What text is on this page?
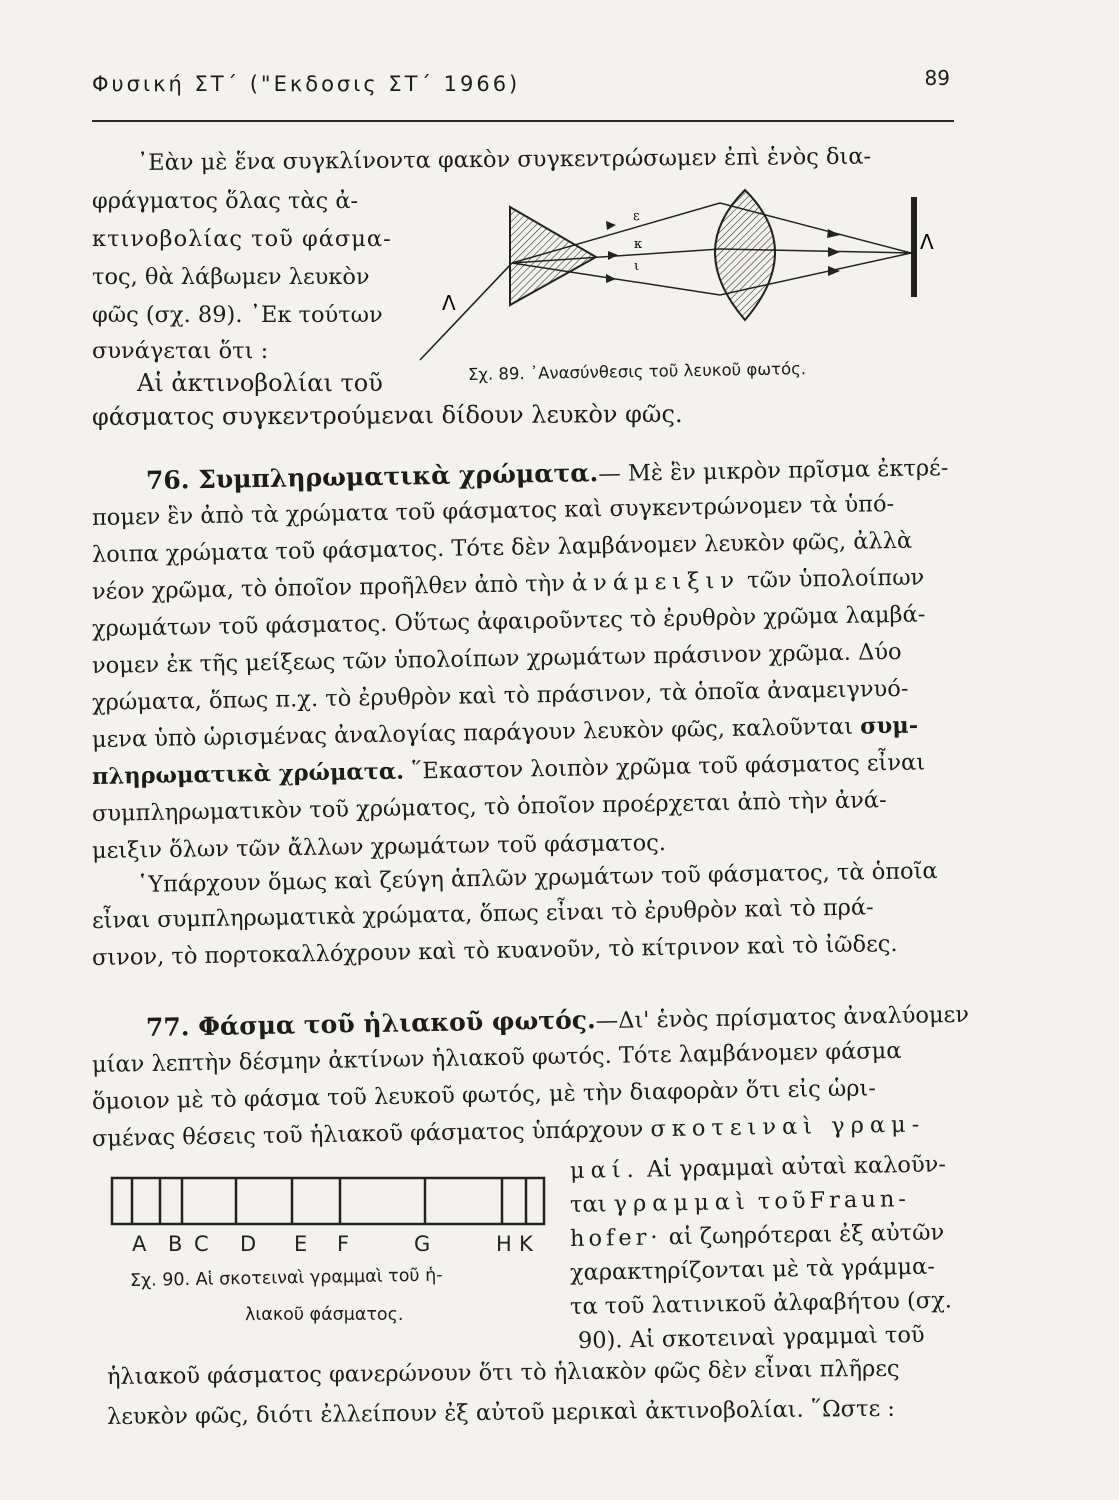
Φυσική ΣΤ΄ ("Εκδοσις ΣΤ΄ 1966)	89
᾿Εὰν μὲ ἕνα συγκλίνοντα φακὸν συγκεντρώσωμεν ἐπὶ ἑνὸς δια-
φράγματος ὅλας τὰς ἀ-
κτινοβολίας τοῦ φάσμα-
τος, θὰ λάβωμεν λευκὸν
φῶς (σχ. 89). ᾿Εκ τούτων
συνάγεται ὅτι :
Αἱ ἀκτινοβολίαι τοῦ
φάσματος συγκεντρούμεναι δίδουν λευκὸν φῶς.
ε
κ
ι
Λ
Λ
Σχ. 89. ᾿Ανασύνθεσις τοῦ λευκοῦ φωτός.
76. Συμπληρωματικὰ χρώματα.— Μὲ ἓν μικρὸν πρῖσμα ἐκτρέ-
πομεν ἓν ἀπὸ τὰ χρώματα τοῦ φάσματος καὶ συγκεντρώνομεν τὰ ὑπό-
λοιπα χρώματα τοῦ φάσματος. Τότε δὲν λαμβάνομεν λευκὸν φῶς, ἀλλὰ
νέον χρῶμα, τὸ ὁποῖον προῆλθεν ἀπὸ τὴν ἀνάμειξιν τῶν ὑπολοίπων
χρωμάτων τοῦ φάσματος. Οὕτως ἀφαιροῦντες τὸ ἐρυθρὸν χρῶμα λαμβά-
νομεν ἐκ τῆς μείξεως τῶν ὑπολοίπων χρωμάτων πράσινον χρῶμα. Δύο
χρώματα, ὅπως π.χ. τὸ ἐρυθρὸν καὶ τὸ πράσινον, τὰ ὁποῖα ἀναμειγνυό-
μενα ὑπὸ ὡρισμένας ἀναλογίας παράγουν λευκὸν φῶς, καλοῦνται συμ-
πληρωματικὰ χρώματα. ῞Εκαστον λοιπὸν χρῶμα τοῦ φάσματος εἶναι
συμπληρωματικὸν τοῦ χρώματος, τὸ ὁποῖον προέρχεται ἀπὸ τὴν ἀνά-
μειξιν ὅλων τῶν ἄλλων χρωμάτων τοῦ φάσματος.
῾Υπάρχουν ὅμως καὶ ζεύγη ἁπλῶν χρωμάτων τοῦ φάσματος, τὰ ὁποῖα
εἶναι συμπληρωματικὰ χρώματα, ὅπως εἶναι τὸ ἐρυθρὸν καὶ τὸ πρά-
σινον, τὸ πορτοκαλλόχρουν καὶ τὸ κυανοῦν, τὸ κίτρινον καὶ τὸ ἰῶδες.
77. Φάσμα τοῦ ἡλιακοῦ φωτός.—Δι' ἑνὸς πρίσματος ἀναλύομεν
μίαν λεπτὴν δέσμην ἀκτίνων ἡλιακοῦ φωτός. Τότε λαμβάνομεν φάσμα
ὅμοιον μὲ τὸ φάσμα τοῦ λευκοῦ φωτός, μὲ τὴν διαφορὰν ὅτι εἰς ὡρι-
σμένας θέσεις τοῦ ἡλιακοῦ φάσματος ὑπάρχουν σκοτειναὶ γραμ-
μαί. Αἱ γραμμαὶ αὐταὶ καλοῦν-
ται γραμμαὶ τοῦFraun-
hofer· αἱ ζωηρότεραι ἐξ αὐτῶν
χαρακτηρίζονται μὲ τὰ γράμμα-
τα τοῦ λατινικοῦ ἀλφαβήτου (σχ.
90). Αἱ σκοτειναὶ γραμμαὶ τοῦ
ἡλιακοῦ φάσματος φανερώνουν ὅτι τὸ ἡλιακὸν φῶς δὲν εἶναι πλῆρες
λευκὸν φῶς, διότι ἐλλείπουν ἐξ αὐτοῦ μερικαὶ ἀκτινοβολίαι. ῞Ωστε :
A B C D E F	G	H K
Σχ. 90. Αἱ σκοτειναὶ γραμμαὶ τοῦ ἡ-
λιακοῦ φάσματος.
